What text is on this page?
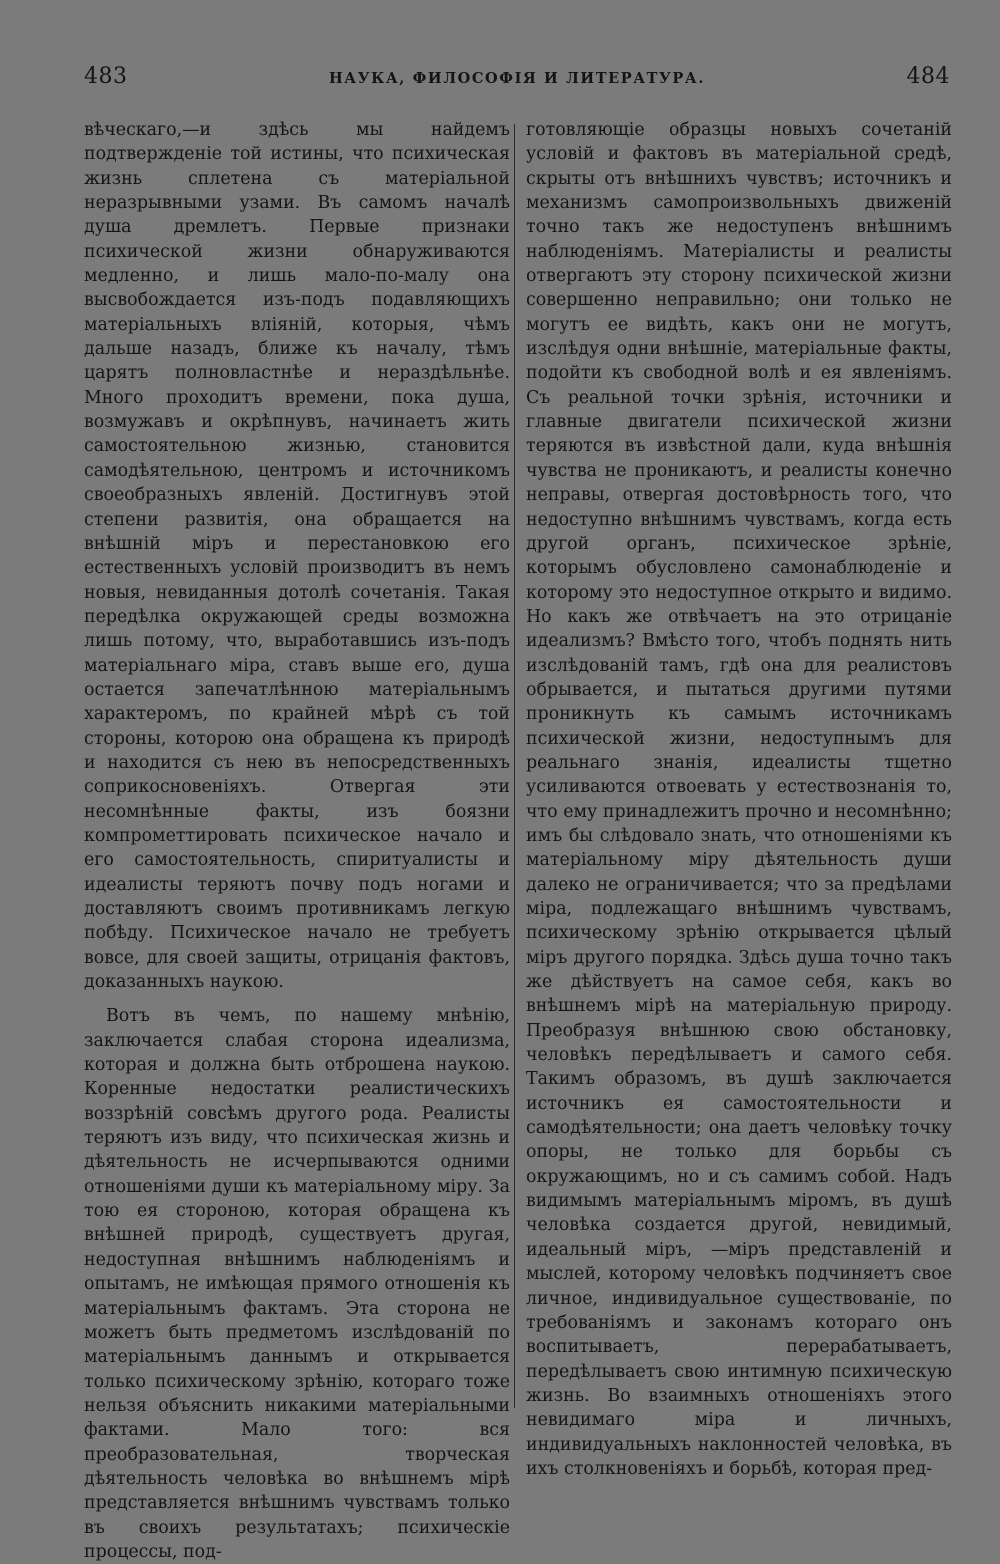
483	НАУКА, ФИЛОСОФІЯ И ЛИТЕРАТУРА.	484

вѣческаго,—и здѣсь мы найдемъ подтвержденіе той истины, что психическая жизнь сплетена съ матеріальной неразрывными узами. Въ самомъ началѣ душа дремлетъ. Первые признаки психической жизни обнаруживаются медленно, и лишь мало-по-малу она высвобождается изъ-подъ подавляющихъ матеріальныхъ вліяній, которыя, чѣмъ дальше назадъ, ближе къ началу, тѣмъ царятъ полновластнѣе и нераздѣльнѣе. Много проходитъ времени, пока душа, возмужавъ и окрѣпнувъ, начинаетъ жить самостоятельною жизнью, становится самодѣятельною, центромъ и источникомъ своеобразныхъ явленій. Достигнувъ этой степени развитія, она обращается на внѣшній міръ и перестановкою его естественныхъ условій производитъ въ немъ новыя, невиданныя дотолѣ сочетанія. Такая передѣлка окружающей среды возможна лишь потому, что, выработавшись изъ-подъ матеріальнаго міра, ставъ выше его, душа остается запечатлѣнною матеріальнымъ характеромъ, по крайней мѣрѣ съ той стороны, которою она обращена къ природѣ и находится съ нею въ непосредственныхъ соприкосновеніяхъ. Отвергая эти несомнѣнные факты, изъ боязни компрометтировать психическое начало и его самостоятельность, спиритуалисты и идеалисты теряютъ почву подъ ногами и доставляютъ своимъ противникамъ легкую побѣду. Психическое начало не требуетъ вовсе, для своей защиты, отрицанія фактовъ, доказанныхъ наукою.

Вотъ въ чемъ, по нашему мнѣнію, заключается слабая сторона идеализма, которая и должна быть отброшена наукою. Коренные недостатки реалистическихъ воззрѣній совсѣмъ другого рода. Реалисты теряютъ изъ виду, что психическая жизнь и дѣятельность не исчерпываются одними отношеніями души къ матеріальному міру. За тою ея стороною, которая обращена къ внѣшней природѣ, существуетъ другая, недоступная внѣшнимъ наблюденіямъ и опытамъ, не имѣющая прямого отношенія къ матеріальнымъ фактамъ. Эта сторона не можетъ быть предметомъ изслѣдованій по матеріальнымъ даннымъ и открывается только психическому зрѣнію, котораго тоже нельзя объяснить никакими матеріальными фактами. Мало того: вся преобразовательная, творческая дѣятельность человѣка во внѣшнемъ мірѣ представляется внѣшнимъ чувствамъ только въ своихъ результатахъ; психическіе процессы, под-

готовляющіе образцы новыхъ сочетаній условій и фактовъ въ матеріальной средѣ, скрыты отъ внѣшнихъ чувствъ; источникъ и механизмъ самопроизвольныхъ движеній точно такъ же недоступенъ внѣшнимъ наблюденіямъ. Матеріалисты и реалисты отвергаютъ эту сторону психической жизни совершенно неправильно; они только не могутъ ее видѣть, какъ они не могутъ, изслѣдуя одни внѣшніе, матеріальные факты, подойти къ свободной волѣ и ея явленіямъ. Съ реальной точки зрѣнія, источники и главные двигатели психической жизни теряются въ извѣстной дали, куда внѣшнія чувства не проникаютъ, и реалисты конечно неправы, отвергая достовѣрность того, что недоступно внѣшнимъ чувствамъ, когда есть другой органъ, психическое зрѣніе, которымъ обусловлено самонаблюденіе и которому это недоступное открыто и видимо. Но какъ же отвѣчаетъ на это отрицаніе идеализмъ? Вмѣсто того, чтобъ поднять нить изслѣдованій тамъ, гдѣ она для реалистовъ обрывается, и пытаться другими путями проникнуть къ самымъ источникамъ психической жизни, недоступнымъ для реальнаго знанія, идеалисты тщетно усиливаются отвоевать у естествознанія то, что ему принадлежитъ прочно и несомнѣнно; имъ бы слѣдовало знать, что отношеніями къ матеріальному міру дѣятельность души далеко не ограничивается; что за предѣлами міра, подлежащаго внѣшнимъ чувствамъ, психическому зрѣнію открывается цѣлый міръ другого порядка. Здѣсь душа точно такъ же дѣйствуетъ на самое себя, какъ во внѣшнемъ мірѣ на матеріальную природу. Преобразуя внѣшнюю свою обстановку, человѣкъ передѣлываетъ и самого себя. Такимъ образомъ, въ душѣ заключается источникъ ея самостоятельности и самодѣятельности; она даетъ человѣку точку опоры, не только для борьбы съ окружающимъ, но и съ самимъ собой. Надъ видимымъ матеріальнымъ міромъ, въ душѣ человѣка создается другой, невидимый, идеальный міръ, —міръ представленій и мыслей, которому человѣкъ подчиняетъ свое личное, индивидуальное существованіе, по требованіямъ и законамъ котораго онъ воспитываетъ, перерабатываетъ, передѣлываетъ свою интимную психическую жизнь. Во взаимныхъ отношеніяхъ этого невидимаго міра и личныхъ, индивидуальныхъ наклонностей человѣка, въ ихъ столкновеніяхъ и борьбѣ, которая пред-
